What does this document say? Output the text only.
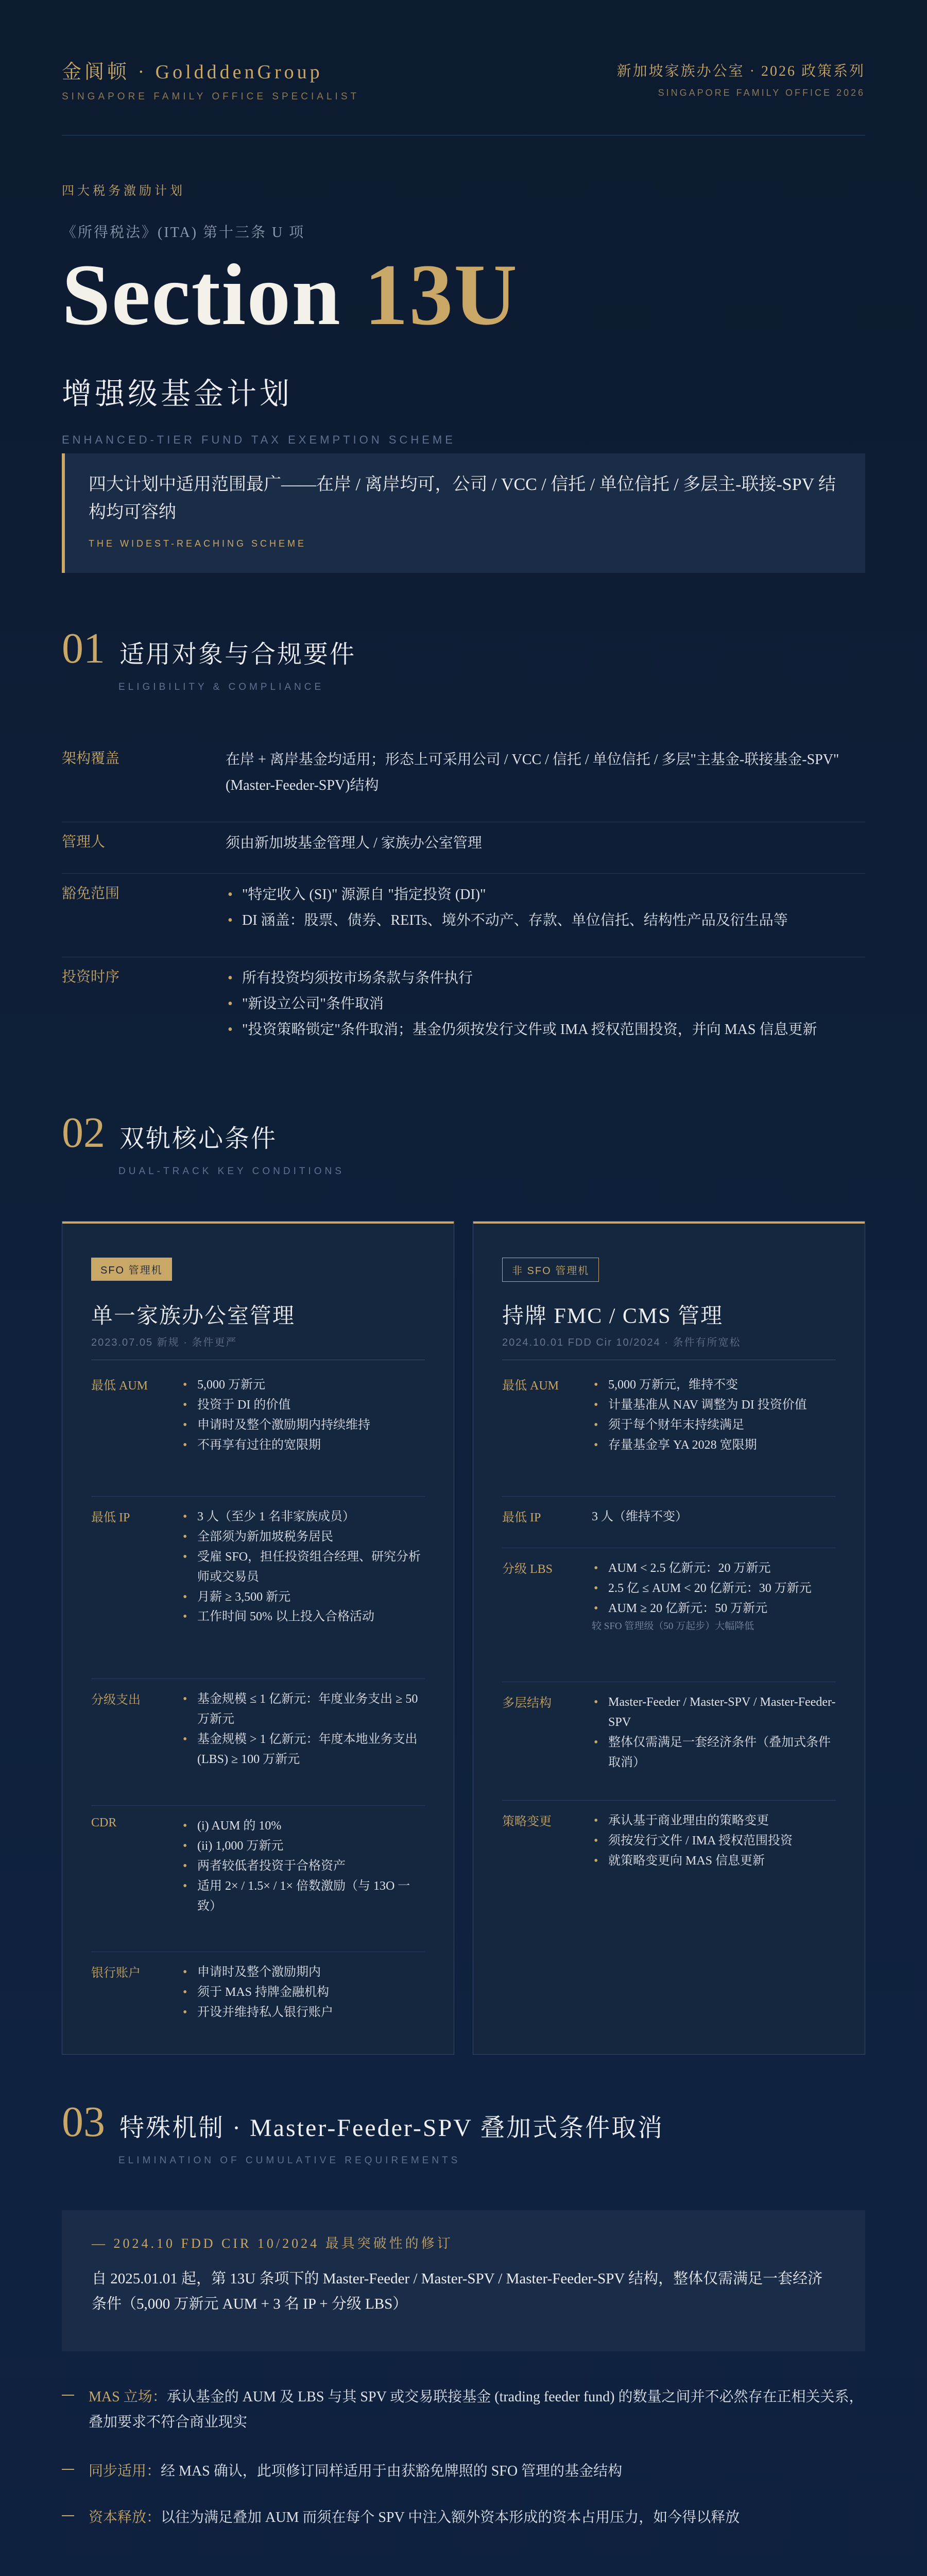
金阆顿 · GoldddenGroup
SINGAPORE FAMILY OFFICE SPECIALIST
新加坡家族办公室 · 2026 政策系列
SINGAPORE FAMILY OFFICE 2026
四大税务激励计划
《所得税法》(ITA) 第十三条 U 项
Section 13U
增强级基金计划
ENHANCED-TIER FUND TAX EXEMPTION SCHEME
四大计划中适用范围最广——在岸 / 离岸均可，公司 / VCC / 信托 / 单位信托 / 多层主-联接-SPV 结构均可容纳
THE WIDEST-REACHING SCHEME
01 适用对象与合规要件
ELIGIBILITY & COMPLIANCE
架构覆盖	在岸 + 离岸基金均适用；形态上可采用公司 / VCC / 信托 / 单位信托 / 多层"主基金-联接基金-SPV"(Master-Feeder-SPV)结构
管理人	须由新加坡基金管理人 / 家族办公室管理
豁免范围	• "特定收入 (SI)" 源源自 "指定投资 (DI)"
• DI 涵盖：股票、债券、REITs、境外不动产、存款、单位信托、结构性产品及衍生品等
投资时序	• 所有投资均须按市场条款与条件执行
• "新设立公司"条件取消
• "投资策略锁定"条件取消；基金仍须按发行文件或 IMA 授权范围投资，并向 MAS 信息更新
02 双轨核心条件
DUAL-TRACK KEY CONDITIONS
SFO 管理机
单一家族办公室管理
2023.07.05 新规 · 条件更严
最低 AUM	• 5,000 万新元
• 投资于 DI 的价值
• 申请时及整个激励期内持续维持
• 不再享有过往的宽限期
最低 IP	• 3 人（至少 1 名非家族成员）
• 全部须为新加坡税务居民
• 受雇 SFO，担任投资组合经理、研究分析师或交易员
• 月薪 ≥ 3,500 新元
• 工作时间 50% 以上投入合格活动
分级支出	• 基金规模 ≤ 1 亿新元：年度业务支出 ≥ 50 万新元
• 基金规模 > 1 亿新元：年度本地业务支出 (LBS) ≥ 100 万新元
CDR	• (i) AUM 的 10%
• (ii) 1,000 万新元
• 两者较低者投资于合格资产
• 适用 2× / 1.5× / 1× 倍数激励（与 13O 一致）
银行账户	• 申请时及整个激励期内
• 须于 MAS 持牌金融机构
• 开设并维持私人银行账户
非 SFO 管理机
持牌 FMC / CMS 管理
2024.10.01 FDD Cir 10/2024 · 条件有所宽松
最低 AUM	• 5,000 万新元，维持不变
• 计量基准从 NAV 调整为 DI 投资价值
• 须于每个财年末持续满足
• 存量基金享 YA 2028 宽限期
最低 IP	3 人（维持不变）
分级 LBS	• AUM < 2.5 亿新元：20 万新元
• 2.5 亿 ≤ AUM < 20 亿新元：30 万新元
• AUM ≥ 20 亿新元：50 万新元
较 SFO 管理级（50 万起步）大幅降低
多层结构	• Master-Feeder / Master-SPV / Master-Feeder-SPV
• 整体仅需满足一套经济条件（叠加式条件取消）
策略变更	• 承认基于商业理由的策略变更
• 须按发行文件 / IMA 授权范围投资
• 就策略变更向 MAS 信息更新
03 特殊机制 · Master-Feeder-SPV 叠加式条件取消
ELIMINATION OF CUMULATIVE REQUIREMENTS
— 2024.10 FDD CIR 10/2024 最具突破性的修订
自 2025.01.01 起，第 13U 条项下的 Master-Feeder / Master-SPV / Master-Feeder-SPV 结构，整体仅需满足一套经济条件（5,000 万新元 AUM + 3 名 IP + 分级 LBS）
MAS 立场：承认基金的 AUM 及 LBS 与其 SPV 或交易联接基金 (trading feeder fund) 的数量之间并不必然存在正相关关系，叠加要求不符合商业现实
同步适用：经 MAS 确认，此项修订同样适用于由获豁免牌照的 SFO 管理的基金结构
资本释放：以往为满足叠加 AUM 而须在每个 SPV 中注入额外资本形成的资本占用压力，如今得以释放
